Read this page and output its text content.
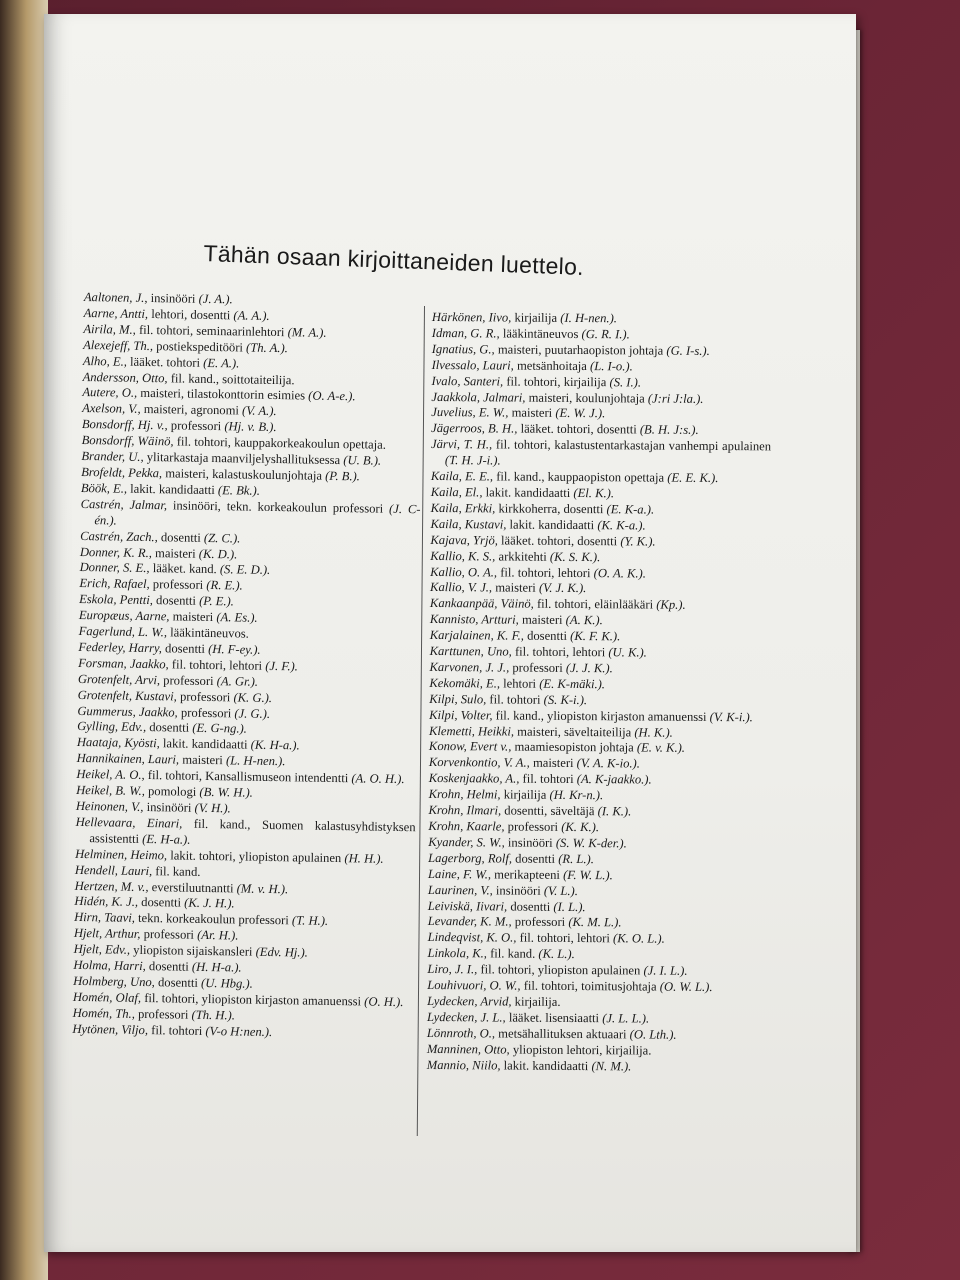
Tähän osaan kirjoittaneiden luettelo.
Aaltonen, J., insinööri (J. A.).
Aarne, Antti, lehtori, dosentti (A. A.).
Airila, M., fil. tohtori, seminaarinlehtori (M. A.).
Alexejeff, Th., postiekspeditööri (Th. A.).
Alho, E., lääket. tohtori (E. A.).
Andersson, Otto, fil. kand., soittotaiteilija.
Autere, O., maisteri, tilastokonttorin esimies (O. A-e.).
Axelson, V., maisteri, agronomi (V. A.).
Bonsdorff, Hj. v., professori (Hj. v. B.).
Bonsdorff, Wäinö, fil. tohtori, kauppakorkeakoulun opettaja.
Brander, U., ylitarkastaja maanviljelyshallituksessa (U. B.).
Brofeldt, Pekka, maisteri, kalastuskoulunjohtaja (P. B.).
Böök, E., lakit. kandidaatti (E. Bk.).
Castrén, Jalmar, insinööri, tekn. korkeakoulun professori (J. C-én.).
Castrén, Zach., dosentti (Z. C.).
Donner, K. R., maisteri (K. D.).
Donner, S. E., lääket. kand. (S. E. D.).
Erich, Rafael, professori (R. E.).
Eskola, Pentti, dosentti (P. E.).
Europæus, Aarne, maisteri (A. Es.).
Fagerlund, L. W., lääkintäneuvos.
Federley, Harry, dosentti (H. F-ey.).
Forsman, Jaakko, fil. tohtori, lehtori (J. F.).
Grotenfelt, Arvi, professori (A. Gr.).
Grotenfelt, Kustavi, professori (K. G.).
Gummerus, Jaakko, professori (J. G.).
Gylling, Edv., dosentti (E. G-ng.).
Haataja, Kyösti, lakit. kandidaatti (K. H-a.).
Hannikainen, Lauri, maisteri (L. H-nen.).
Heikel, A. O., fil. tohtori, Kansallismuseon intendentti (A. O. H.).
Heikel, B. W., pomologi (B. W. H.).
Heinonen, V., insinööri (V. H.).
Hellevaara, Einari, fil. kand., Suomen kalastusyhdistyksen assistentti (E. H-a.).
Helminen, Heimo, lakit. tohtori, yliopiston apulainen (H. H.).
Hendell, Lauri, fil. kand.
Hertzen, M. v., everstiluutnantti (M. v. H.).
Hidén, K. J., dosentti (K. J. H.).
Hirn, Taavi, tekn. korkeakoulun professori (T. H.).
Hjelt, Arthur, professori (Ar. H.).
Hjelt, Edv., yliopiston sijaiskansleri (Edv. Hj.).
Holma, Harri, dosentti (H. H-a.).
Holmberg, Uno, dosentti (U. Hbg.).
Homén, Olaf, fil. tohtori, yliopiston kirjaston amanuenssi (O. H.).
Homén, Th., professori (Th. H.).
Hytönen, Viljo, fil. tohtori (V-o H:nen.).
Härkönen, Iivo, kirjailija (I. H-nen.).
Idman, G. R., lääkintäneuvos (G. R. I.).
Ignatius, G., maisteri, puutarhaopiston johtaja (G. I-s.).
Ilvessalo, Lauri, metsänhoitaja (L. I-o.).
Ivalo, Santeri, fil. tohtori, kirjailija (S. I.).
Jaakkola, Jalmari, maisteri, koulunjohtaja (J:ri J:la.).
Juvelius, E. W., maisteri (E. W. J.).
Jägerroos, B. H., lääket. tohtori, dosentti (B. H. J:s.).
Järvi, T. H., fil. tohtori, kalastustentarkastajan vanhempi apulainen (T. H. J-i.).
Kaila, E. E., fil. kand., kauppaopiston opettaja (E. E. K.).
Kaila, El., lakit. kandidaatti (El. K.).
Kaila, Erkki, kirkkoherra, dosentti (E. K-a.).
Kaila, Kustavi, lakit. kandidaatti (K. K-a.).
Kajava, Yrjö, lääket. tohtori, dosentti (Y. K.).
Kallio, K. S., arkkitehti (K. S. K.).
Kallio, O. A., fil. tohtori, lehtori (O. A. K.).
Kallio, V. J., maisteri (V. J. K.).
Kankaanpää, Väinö, fil. tohtori, eläinlääkäri (Kp.).
Kannisto, Artturi, maisteri (A. K.).
Karjalainen, K. F., dosentti (K. F. K.).
Karttunen, Uno, fil. tohtori, lehtori (U. K.).
Karvonen, J. J., professori (J. J. K.).
Kekomäki, E., lehtori (E. K-mäki.).
Kilpi, Sulo, fil. tohtori (S. K-i.).
Kilpi, Volter, fil. kand., yliopiston kirjaston amanuenssi (V. K-i.).
Klemetti, Heikki, maisteri, säveltaiteilija (H. K.).
Konow, Evert v., maamiesopiston johtaja (E. v. K.).
Korvenkontio, V. A., maisteri (V. A. K-io.).
Koskenjaakko, A., fil. tohtori (A. K-jaakko.).
Krohn, Helmi, kirjailija (H. Kr-n.).
Krohn, Ilmari, dosentti, säveltäjä (I. K.).
Krohn, Kaarle, professori (K. K.).
Kyander, S. W., insinööri (S. W. K-der.).
Lagerborg, Rolf, dosentti (R. L.).
Laine, F. W., merikapteeni (F. W. L.).
Laurinen, V., insinööri (V. L.).
Leiviskä, Iivari, dosentti (I. L.).
Levander, K. M., professori (K. M. L.).
Lindeqvist, K. O., fil. tohtori, lehtori (K. O. L.).
Linkola, K., fil. kand. (K. L.).
Liro, J. I., fil. tohtori, yliopiston apulainen (J. I. L.).
Louhivuori, O. W., fil. tohtori, toimitusjohtaja (O. W. L.).
Lydecken, Arvid, kirjailija.
Lydecken, J. L., lääket. lisensiaatti (J. L. L.).
Lönnroth, O., metsähallituksen aktuaari (O. Lth.).
Manninen, Otto, yliopiston lehtori, kirjailija.
Mannio, Niilo, lakit. kandidaatti (N. M.).
